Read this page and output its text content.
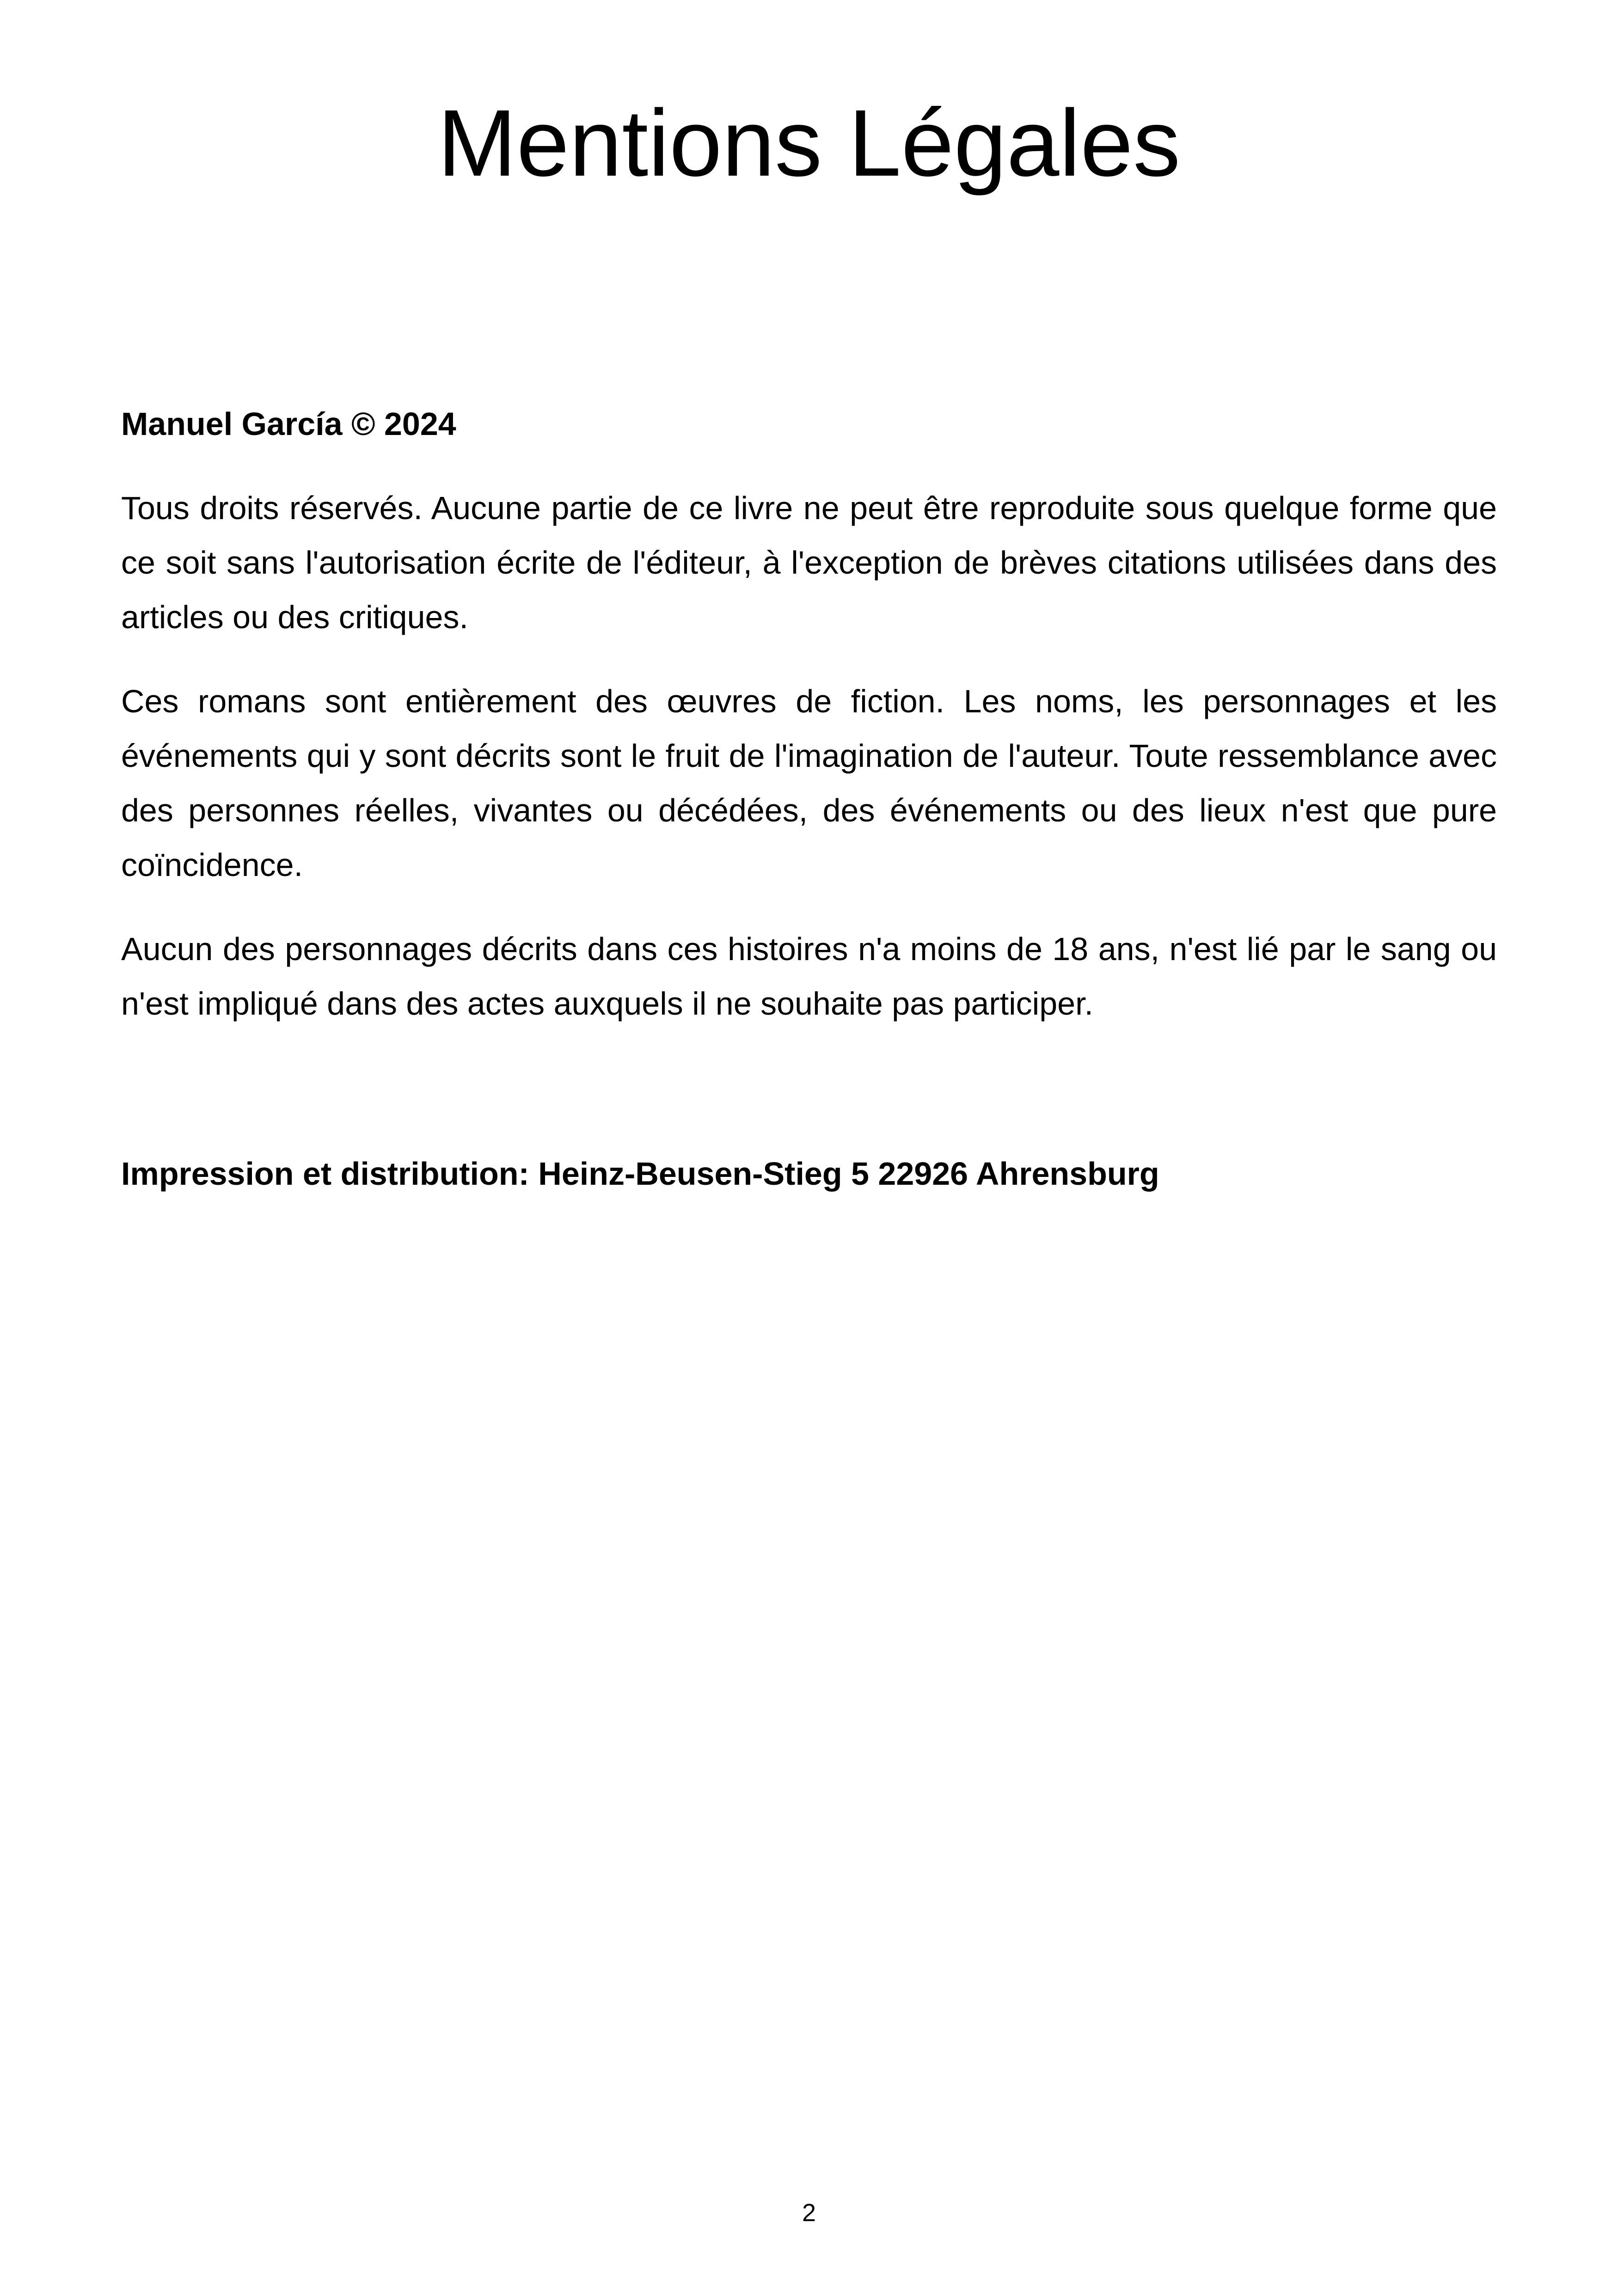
Mentions Légales

Manuel García © 2024

Tous droits réservés. Aucune partie de ce livre ne peut être reproduite sous quelque forme que ce soit sans l'autorisation écrite de l'éditeur, à l'exception de brèves citations utilisées dans des articles ou des critiques.

Ces romans sont entièrement des œuvres de fiction. Les noms, les personnages et les événements qui y sont décrits sont le fruit de l'imagination de l'auteur. Toute ressemblance avec des personnes réelles, vivantes ou décédées, des événements ou des lieux n'est que pure coïncidence.

Aucun des personnages décrits dans ces histoires n'a moins de 18 ans, n'est lié par le sang ou n'est impliqué dans des actes auxquels il ne souhaite pas participer.

Impression et distribution: Heinz-Beusen-Stieg 5 22926 Ahrensburg

2
